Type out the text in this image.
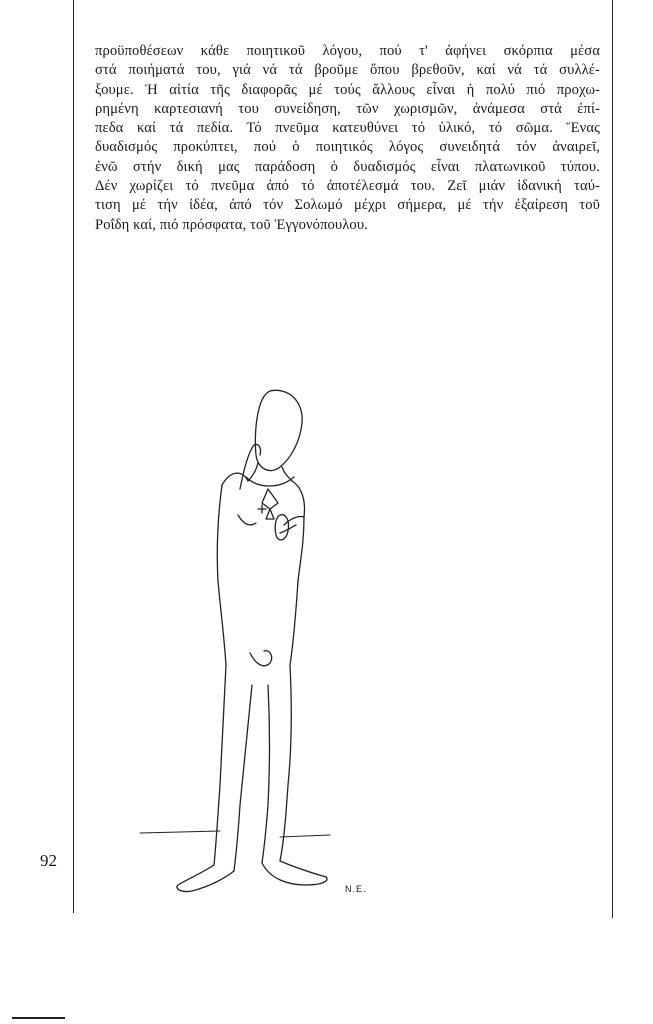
προϋποθέσεων κάθε ποιητικοῦ λόγου, πού τ' ἀφήνει σκόρπια μέσα
στά ποιήματά του, γιά νά τά βροῦμε ὅπου βρεθοῦν, καί νά τά συλλέ-
ξουμε. Ἡ αἰτία τῆς διαφορᾶς μέ τούς ἄλλους εἶναι ἡ πολύ πιό προχω-
ρημένη καρτεσιανή του συνείδηση, τῶν χωρισμῶν, ἀνάμεσα στά ἐπί-
πεδα καί τά πεδία. Τό πνεῦμα κατευθύνει τό ὑλικό, τό σῶμα. Ἕνας
δυαδισμός προκύπτει, πού ὁ ποιητικός λόγος συνειδητά τόν ἀναιρεῖ,
ἐνῶ στήν δική μας παράδοση ὁ δυαδισμός εἶναι πλατωνικοῦ τύπου.
Δέν χωρίζει τό πνεῦμα ἀπό τό ἀποτέλεσμά του. Ζεῖ μιάν ἰδανική ταύ-
τιση μέ τήν ἰδέα, ἀπό τόν Σολωμό μέχρι σήμερα, μέ τήν ἐξαίρεση τοῦ
Ροΐδη καί, πιό πρόσφατα, τοῦ Ἐγγονόπουλου.
N.E.
92
